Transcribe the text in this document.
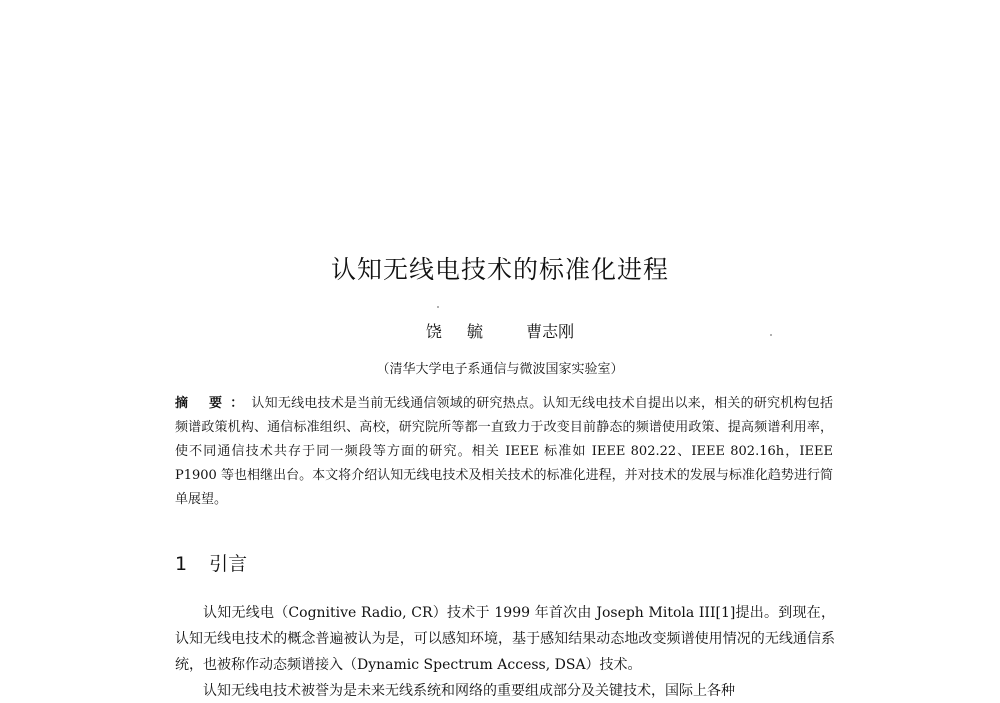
认知无线电技术的标准化进程
饶 毓 曹志刚
（清华大学电子系通信与微波国家实验室）
摘 要：认知无线电技术是当前无线通信领域的研究热点。认知无线电技术自提出以来，相关的研究机构包括频谱政策机构、通信标准组织、高校，研究院所等都一直致力于改变目前静态的频谱使用政策、提高频谱利用率，使不同通信技术共存于同一频段等方面的研究。相关 IEEE 标准如 IEEE 802.22、IEEE 802.16h，IEEE P1900 等也相继出台。本文将介绍认知无线电技术及相关技术的标准化进程，并对技术的发展与标准化趋势进行简单展望。
1 引言

认知无线电（Cognitive Radio, CR）技术于 1999 年首次由 Joseph Mitola III[1]提出。到现在，认知无线电技术的概念普遍被认为是，可以感知环境，基于感知结果动态地改变频谱使用情况的无线通信系统，也被称作动态频谱接入（Dynamic Spectrum Access, DSA）技术。

认知无线电技术被誉为是未来无线系统和网络的重要组成部分及关键技术，国际上各种
